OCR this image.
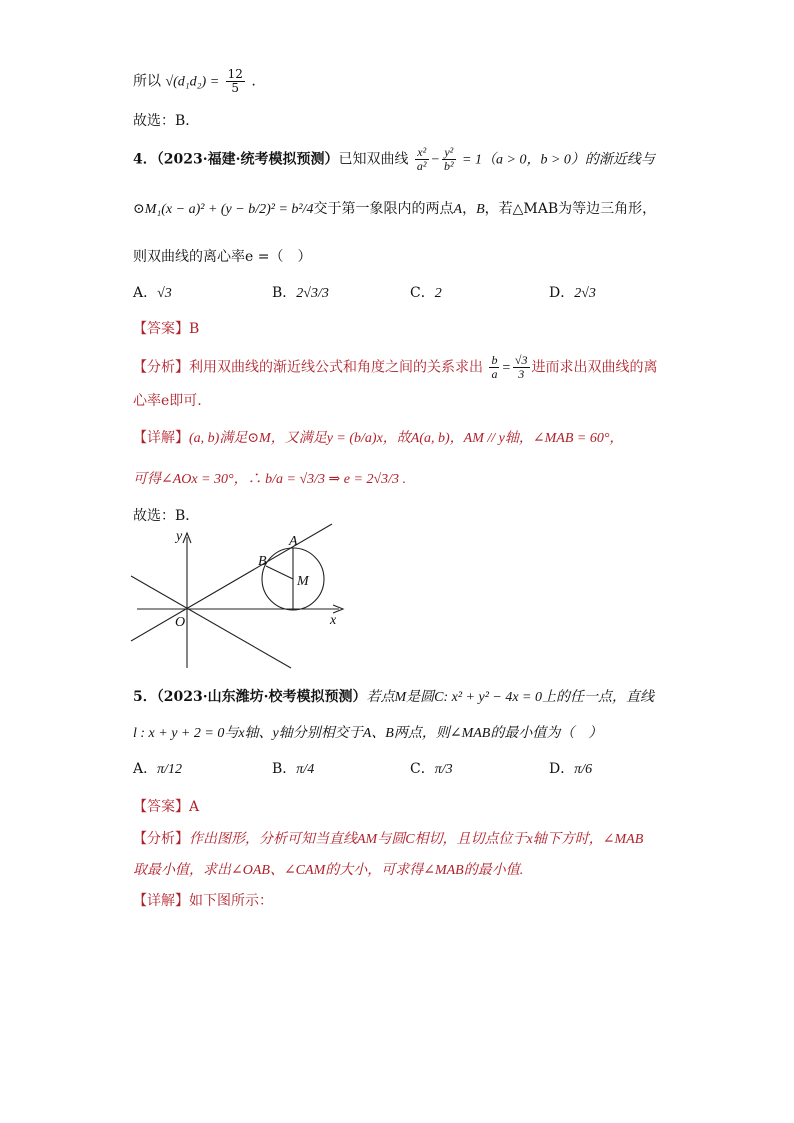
所以 $√(d_1d_2) = \frac{12}{5}$ .
故选：B．
4．（2023·福建·统考模拟预测）已知双曲线 $\frac{\text{x²}}{\text{a²}} - \frac{\text{y²}}{\text{b²}} = 1(a > 0$，b > 0）的渐近线与
⊙M₁(x − a)² + (y − b/2)² = b²/4交于第一象限内的两点A，B，若△MAB为等边三角形，
则双曲线的离心率e =（　）
A．√3	B．2√3/3	C．2	D．2√3
【答案】B
【分析】利用双曲线的渐近线公式和角度之间的关系求出 $\frac{b}{a} = \frac{√3}{3}$ 进而求出双曲线的离
心率e即可.
【详解】(a, b)满足⊙M，又满足y = (b/a)x，故A(a, b)，AM // y轴，∠MAB = 60°，
可得∠AOx = 30°，∴ b/a = √3/3 ⇒ e = 2√3/3 .
故选：B．
y
x
O
A
B
M
5．（2023·山东潍坊·校考模拟预测）若点M是圆C: x² + y² − 4x = 0上的任一点，直线
l : x + y + 2 = 0与x轴、y轴分别相交于A、B两点，则∠MAB的最小值为（　）
A．π/12	B．π/4	C．π/3	D．π/6
【答案】A
【分析】作出图形，分析可知当直线AM与圆C相切，且切点位于x轴下方时，∠MAB
取最小值，求出∠OAB、∠CAM的大小，可求得∠MAB的最小值.
【详解】如下图所示：
